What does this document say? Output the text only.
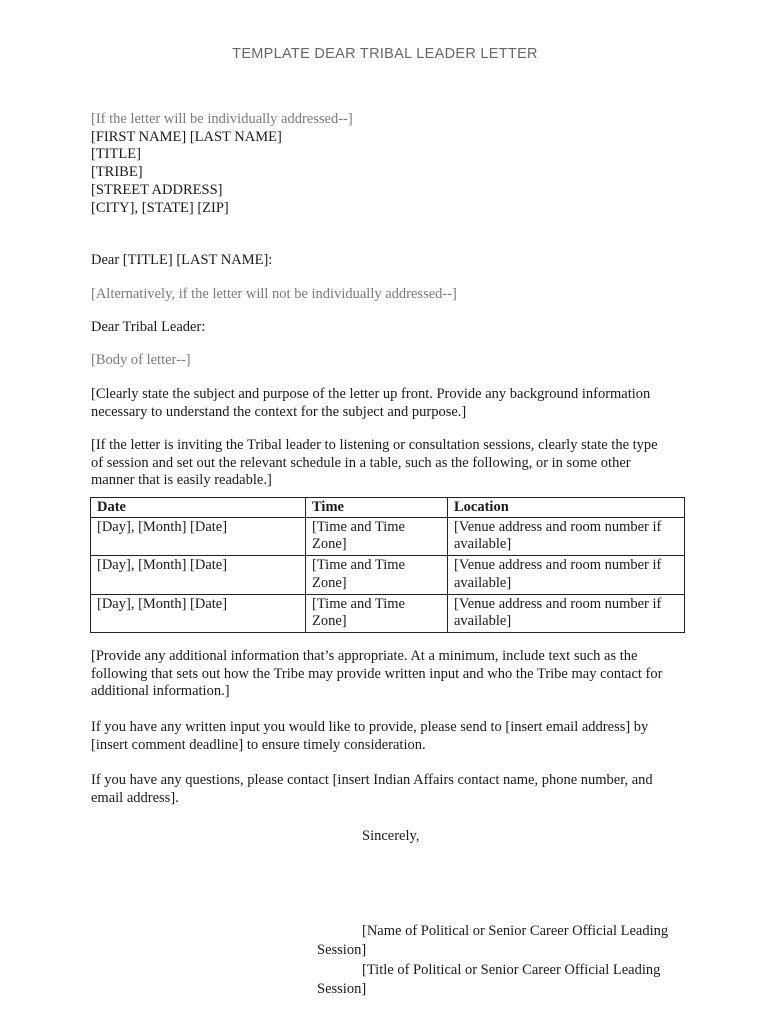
TEMPLATE DEAR TRIBAL LEADER LETTER
[If the letter will be individually addressed--]
[FIRST NAME] [LAST NAME]
[TITLE]
[TRIBE]
[STREET ADDRESS]
[CITY], [STATE] [ZIP]
Dear [TITLE] [LAST NAME]:
[Alternatively, if the letter will not be individually addressed--]
Dear Tribal Leader:
[Body of letter--]
[Clearly state the subject and purpose of the letter up front. Provide any background information necessary to understand the context for the subject and purpose.]
[If the letter is inviting the Tribal leader to listening or consultation sessions, clearly state the type of session and set out the relevant schedule in a table, such as the following, or in some other manner that is easily readable.]
Date	Time	Location
[Day], [Month] [Date]	[Time and Time Zone]	[Venue address and room number if available]
[Day], [Month] [Date]	[Time and Time Zone]	[Venue address and room number if available]
[Day], [Month] [Date]	[Time and Time Zone]	[Venue address and room number if available]
[Provide any additional information that’s appropriate. At a minimum, include text such as the following that sets out how the Tribe may provide written input and who the Tribe may contact for additional information.]
If you have any written input you would like to provide, please send to [insert email address] by [insert comment deadline] to ensure timely consideration.
If you have any questions, please contact [insert Indian Affairs contact name, phone number, and email address].
Sincerely,
[Name of Political or Senior Career Official Leading Session]
[Title of Political or Senior Career Official Leading Session]
